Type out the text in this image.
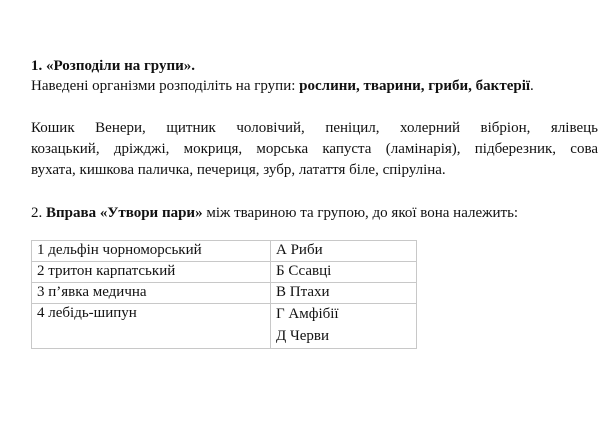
1. «Розподіли на групи».
Наведені організми розподіліть на групи: рослини, тварини, гриби, бактерії.
Кошик Венери, щитник чоловічий, пеніцил, холерний вібріон, ялівець
козацький, дріжджі, мокриця, морська капуста (ламінарія), підберезник, сова
вухата, кишкова паличка, печериця, зубр, латаття біле, спіруліна.
2. Вправа «Утвори пари» між твариною та групою, до якої вона належить:
1 дельфін чорноморський	А Риби
2 тритон карпатський	Б Ссавці
3 п’явка медична	В Птахи
4 лебідь-шипун	Г Амфібії
Д Черви
